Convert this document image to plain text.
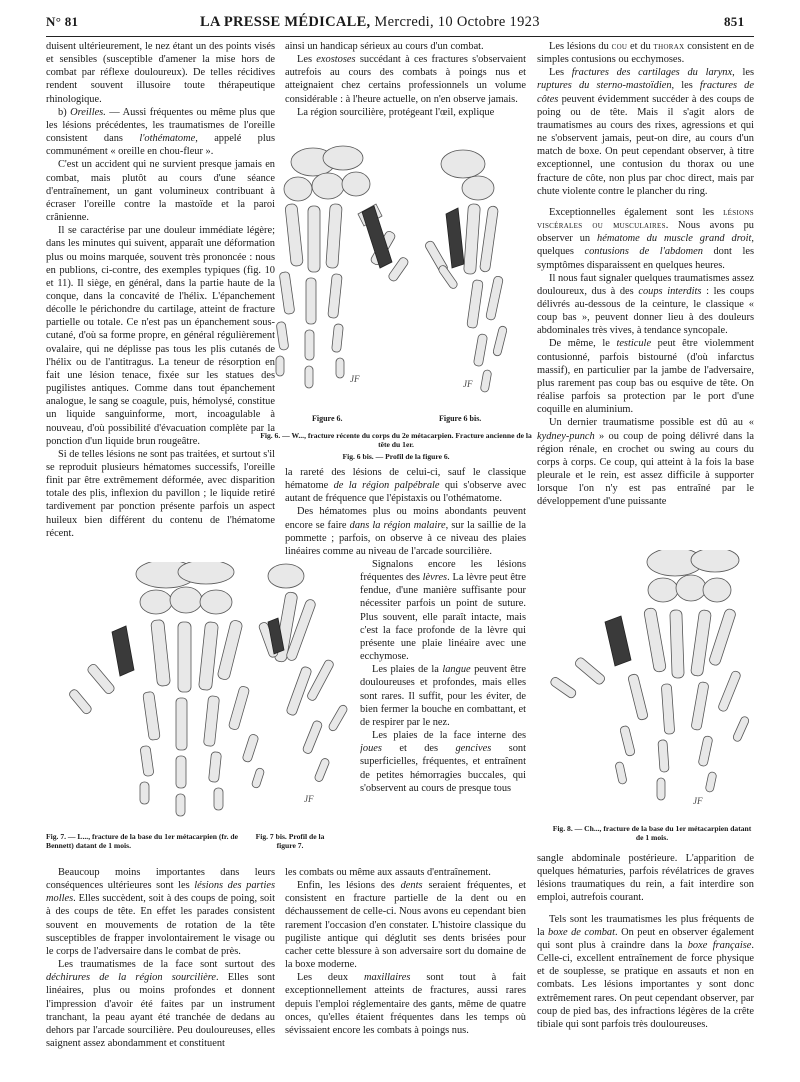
N° 81	LA PRESSE MÉDICALE, Mercredi, 10 Octobre 1923	851

duisent ultérieurement, le nez étant un des points visés et sensibles (susceptible d'amener la mise hors de combat par réflexe douloureux). De telles récidives rendent souvent illusoire toute thérapeutique rhinologique.

b) Oreilles. — Aussi fréquentes ou même plus que les lésions précédentes, les traumatismes de l'oreille consistent dans l'othématome, appelé plus communément « oreille en chou-fleur ».

C'est un accident qui ne survient presque jamais en combat, mais plutôt au cours d'une séance d'entraînement, un gant volumineux contribuant à écraser l'oreille contre la mastoïde et la paroi crânienne.

Il se caractérise par une douleur immédiate légère; dans les minutes qui suivent, apparaît une déformation plus ou moins marquée, souvent très prononcée : nous en publions, ci-contre, des exemples typiques (fig. 10 et 11). Il siège, en général, dans la partie haute de la conque, dans la concavité de l'hélix. L'épanchement décolle le périchondre du cartilage, atteint de fracture partielle ou totale. Ce n'est pas un épanchement sous-cutané, d'où sa forme propre, en général régulièrement ovalaire, qui ne déplisse pas tous les plis cutanés de l'hélix ou de l'antitragus. La teneur de résorption en fait une lésion tenace, fixée sur les statues des pugilistes antiques. Comme dans tout épanchement analogue, le sang se coagule, puis, hémolysé, constitue un liquide sanguinforme, mort, incoagulable à nouveau, d'où possibilité d'évacuation complète par la ponction d'un liquide brun rougeâtre.

Si de telles lésions ne sont pas traitées, et surtout s'il se reproduit plusieurs hématomes successifs, l'oreille finit par être extrêmement déformée, avec disparition totale des plis, inflexion du pavillon ; le liquide retiré tardivement par ponction présente parfois un aspect huileux bien différent du contenu de l'hématome récent.

ainsi un handicap sérieux au cours d'un combat.

Les exostoses succédant à ces fractures s'observaient autrefois au cours des combats à poings nus et atteignaient chez certains professionnels un volume considérable : à l'heure actuelle, on n'en observe jamais.

La région sourcilière, protégeant l'œil, explique

JF	JF
Figure 6.	Figure 6 bis.
Fig. 6. — W..., fracture récente du corps du 2e métacarpien. Fracture ancienne de la tête du 1er.
Fig. 6 bis. — Profil de la figure 6.

la rareté des lésions de celui-ci, sauf le classique hématome de la région palpébrale qui s'observe avec autant de fréquence que l'épistaxis ou l'othématome.

Des hématomes plus ou moins abondants peuvent encore se faire dans la région malaire, sur la saillie de la pommette ; parfois, on observe à ce niveau des plaies linéaires comme au niveau de l'arcade sourcilière.

JF
Fig. 7. — L..., fracture de la base du 1er métacarpien (fr. de Bennett) datant de 1 mois.
Fig. 7 bis. Profil de la figure 7.

Signalons encore les lésions fréquentes des lèvres. La lèvre peut être fendue, d'une manière suffisante pour nécessiter parfois un point de suture. Plus souvent, elle paraît intacte, mais c'est la face profonde de la lèvre qui présente une plaie linéaire avec une ecchymose.

Les plaies de la langue peuvent être douloureuses et profondes, mais elles sont rares. Il suffit, pour les éviter, de bien fermer la bouche en combattant, et de respirer par le nez.

Les plaies de la face interne des joues et des gencives sont superficielles, fréquentes, et entraînent de petites hémorragies buccales, qui s'observent au cours de presque tous

Beaucoup moins importantes dans leurs conséquences ultérieures sont les lésions des parties molles. Elles succèdent, soit à des coups de poing, soit à des coups de tête. En effet les parades consistent souvent en mouvements de rotation de la tête susceptibles de frapper involontairement le visage ou le corps de l'adversaire dans le combat de près.

Les traumatismes de la face sont surtout des déchirures de la région sourcilière. Elles sont linéaires, plus ou moins profondes et donnent l'impression d'avoir été faites par un instrument tranchant, la peau ayant été tranchée de dedans au dehors par l'arcade sourcilière. Peu douloureuses, elles saignent assez abondamment et constituent

les combats ou même aux assauts d'entraînement.

Enfin, les lésions des dents seraient fréquentes, et consistent en fracture partielle de la dent ou en déchaussement de celle-ci. Nous avons eu cependant bien rarement l'occasion d'en constater. L'histoire classique du pugiliste antique qui déglutit ses dents brisées pour cacher cette blessure à son adversaire sort du domaine de la boxe moderne.

Les deux maxillaires sont tout à fait exceptionnellement atteints de fractures, aussi rares depuis l'emploi réglementaire des gants, même de quatre onces, qu'elles étaient fréquentes dans les temps où sévissaient encore les combats à poings nus.

Les lésions du cou et du thorax consistent en de simples contusions ou ecchymoses.

Les fractures des cartilages du larynx, les ruptures du sterno-mastoïdien, les fractures de côtes peuvent évidemment succéder à des coups de poing ou de tête. Mais il s'agit alors de traumatismes au cours des rixes, agressions et qui ne s'observent jamais, peut-on dire, au cours d'un match de boxe. On peut cependant observer, à titre exceptionnel, une contusion du thorax ou une fracture de côte, non plus par choc direct, mais par chute violente contre le plancher du ring.

Exceptionnelles également sont les lésions viscérales ou musculaires. Nous avons pu observer un hématome du muscle grand droit, quelques contusions de l'abdomen dont les symptômes disparaissent en quelques heures.

Il nous faut signaler quelques traumatismes assez douloureux, dus à des coups interdits : les coups délivrés au-dessous de la ceinture, le classique « coup bas », peuvent donner lieu à des douleurs abdominales très vives, à tendance syncopale.

De même, le testicule peut être violemment contusionné, parfois bistourné (d'où infarctus massif), en particulier par la jambe de l'adversaire, plus rarement pas coup bas ou esquive de tête. On réalise parfois sa protection par le port d'une coquille en aluminium.

Un dernier traumatisme possible est dû au « kydney-punch » ou coup de poing délivré dans la région rénale, en crochet ou swing au cours du corps à corps. Ce coup, qui atteint à la fois la base pleurale et le rein, est assez difficile à supporter lorsque l'on n'y est pas entraîné par le développement d'une puissante

JF
Fig. 8. — Ch..., fracture de la base du 1er métacarpien datant de 1 mois.

sangle abdominale postérieure. L'apparition de quelques hématuries, parfois révélatrices de graves lésions traumatiques du rein, a fait interdire son emploi, autrefois courant.

Tels sont les traumatismes les plus fréquents de la boxe de combat. On peut en observer également qui sont plus à craindre dans la boxe française. Celle-ci, excellent entraînement de force physique et de souplesse, se pratique en assauts et non en combats. Les lésions importantes y sont donc extrêmement rares. On peut cependant observer, par coup de pied bas, des infractions légères de la crête tibiale qui sont parfois très douloureuses.
